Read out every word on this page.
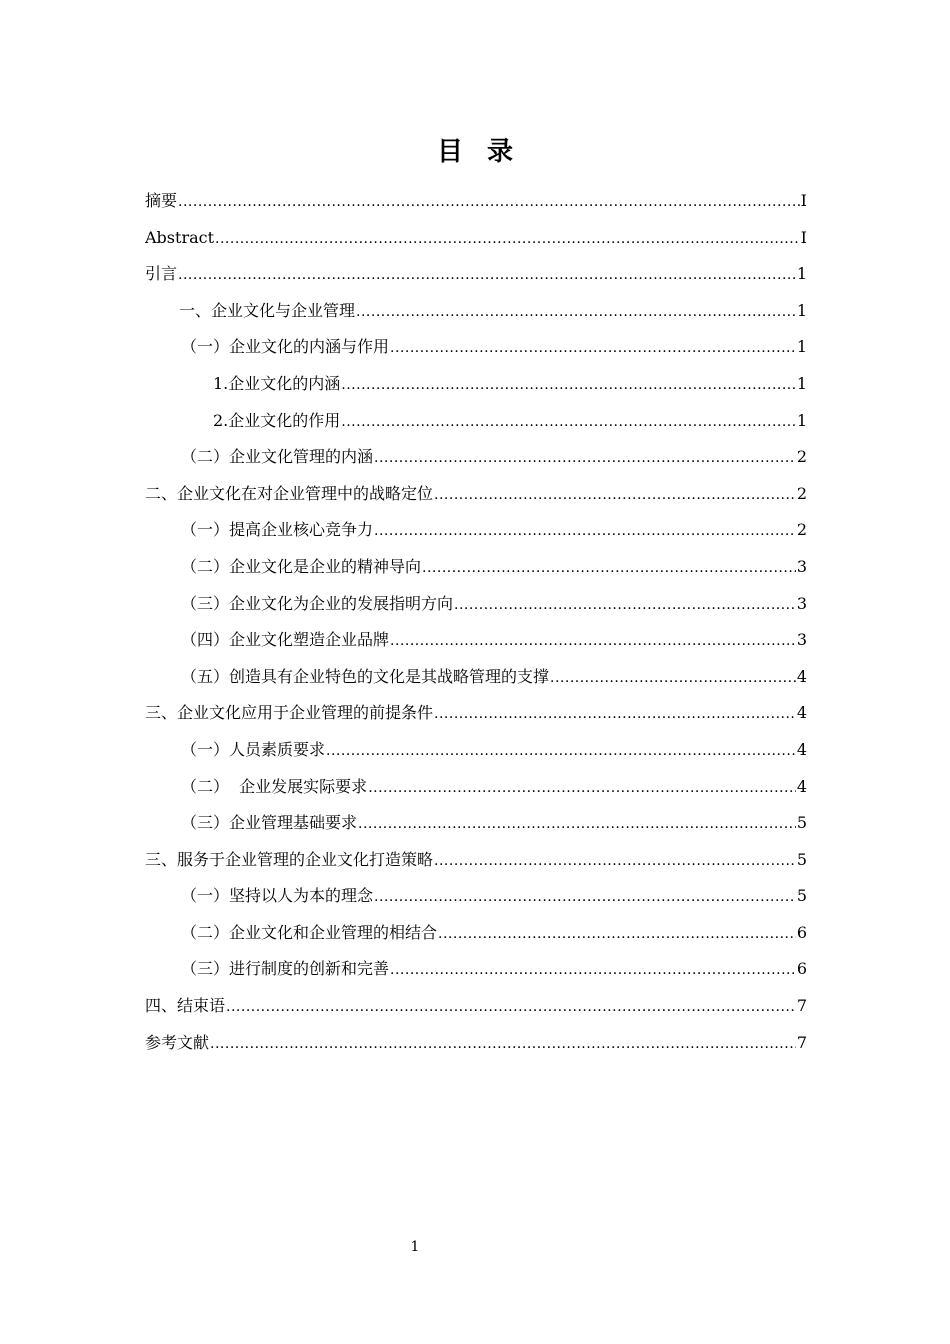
目录
摘要 .....	I
Abstract .....	I
引言 .....	1
一、企业文化与企业管理 .....	1
（一）企业文化的内涵与作用 .....	1
1.企业文化的内涵 .....	1
2.企业文化的作用 .....	1
（二）企业文化管理的内涵 .....	2
二、企业文化在对企业管理中的战略定位 .....	2
（一）提高企业核心竞争力 .....	2
（二）企业文化是企业的精神导向 .....	3
（三）企业文化为企业的发展指明方向 .....	3
（四）企业文化塑造企业品牌 .....	3
（五）创造具有企业特色的文化是其战略管理的支撑 .....	4
三、企业文化应用于企业管理的前提条件 .....	4
（一）人员素质要求 .....	4
（二）  企业发展实际要求 .....	4
（三）企业管理基础要求 .....	5
三、服务于企业管理的企业文化打造策略 .....	5
（一）坚持以人为本的理念 .....	5
（二）企业文化和企业管理的相结合 .....	6
（三）进行制度的创新和完善 .....	6
四、结束语 .....	7
参考文献 .....	7
1
